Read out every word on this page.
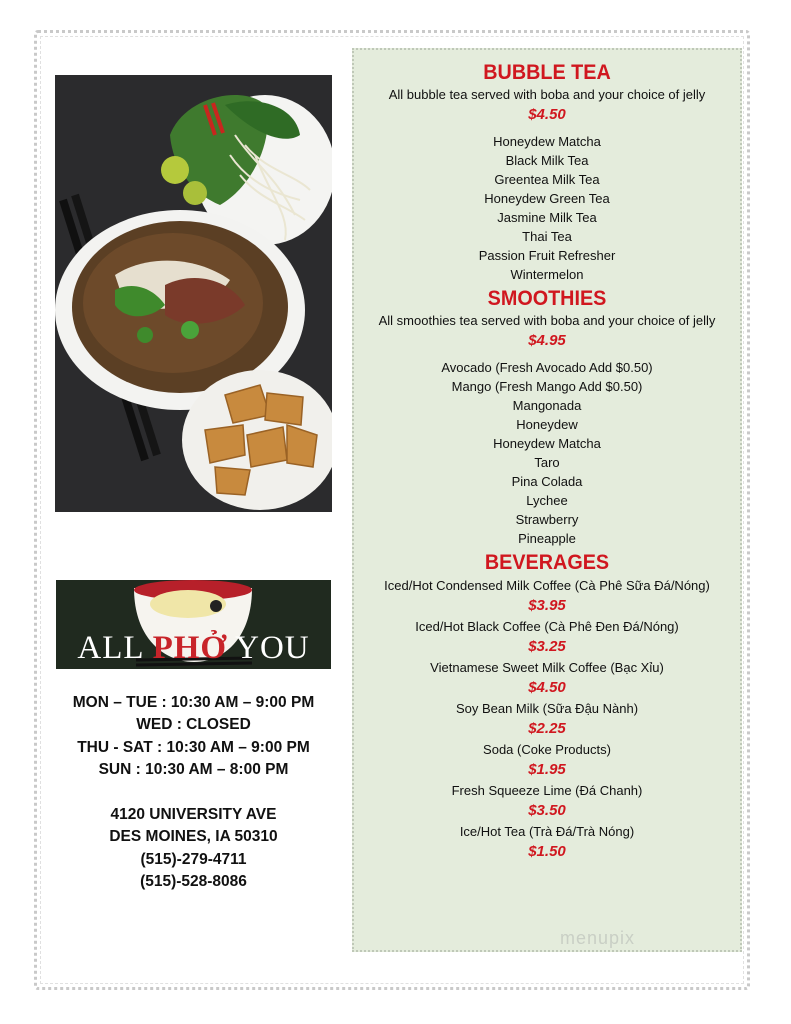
ALL PHỞ YOU
MON – TUE : 10:30 AM – 9:00 PM
WED : CLOSED
THU - SAT : 10:30 AM – 9:00 PM
SUN : 10:30 AM – 8:00 PM
4120 UNIVERSITY AVE
DES MOINES, IA 50310
(515)-279-4711
(515)-528-8086
BUBBLE TEA
All bubble tea served with boba and your choice of jelly
$4.50
Honeydew Matcha
Black Milk Tea
Greentea Milk Tea
Honeydew Green Tea
Jasmine Milk Tea
Thai Tea
Passion Fruit Refresher
Wintermelon
SMOOTHIES
All smoothies tea served with boba and your choice of jelly
$4.95
Avocado (Fresh Avocado Add $0.50)
Mango (Fresh Mango Add $0.50)
Mangonada
Honeydew
Honeydew Matcha
Taro
Pina Colada
Lychee
Strawberry
Pineapple
BEVERAGES
Iced/Hot Condensed Milk Coffee (Cà Phê Sữa Đá/Nóng)
$3.95
Iced/Hot Black Coffee (Cà Phê Đen Đá/Nóng)
$3.25
Vietnamese Sweet Milk Coffee (Bạc Xỉu)
$4.50
Soy Bean Milk (Sữa Đậu Nành)
$2.25
Soda (Coke Products)
$1.95
Fresh Squeeze Lime (Đá Chanh)
$3.50
Ice/Hot Tea (Trà Đá/Trà Nóng)
$1.50
menupix
